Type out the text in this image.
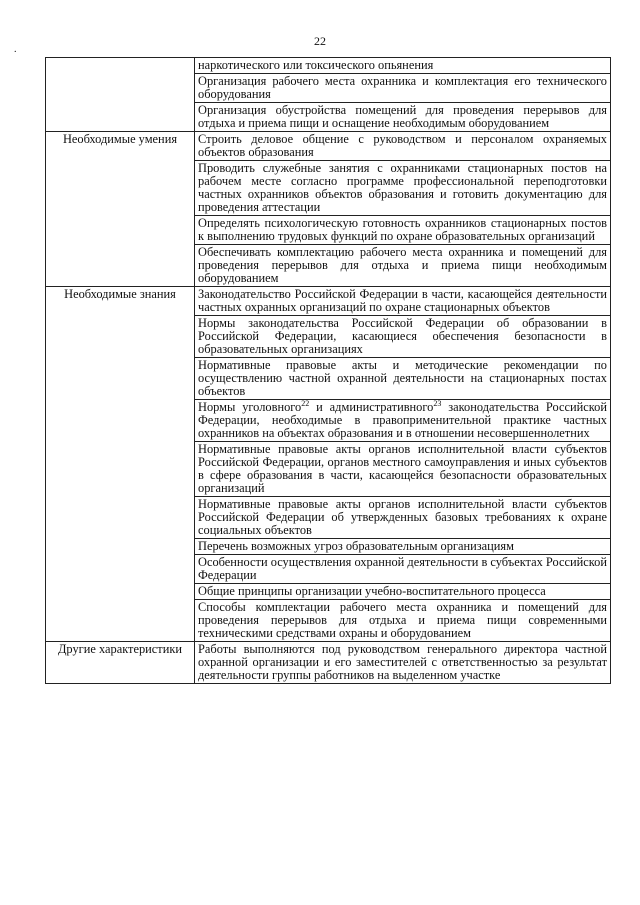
22
.
	наркотического или токсического опьянения
	Организация рабочего места охранника и комплектация его технического оборудования
	Организация обустройства помещений для проведения перерывов для отдыха и приема пищи и оснащение необходимым оборудованием
Необходимые умения	Строить деловое общение с руководством и персоналом охраняемых объектов образования
	Проводить служебные занятия с охранниками стационарных постов на рабочем месте согласно программе профессиональной переподготовки частных охранников объектов образования и готовить документацию для проведения аттестации
	Определять психологическую готовность охранников стационарных постов к выполнению трудовых функций по охране образовательных организаций
	Обеспечивать комплектацию рабочего места охранника и помещений для проведения перерывов для отдыха и приема пищи необходимым оборудованием
Необходимые знания	Законодательство Российской Федерации в части, касающейся деятельности частных охранных организаций по охране стационарных объектов
	Нормы законодательства Российской Федерации об образовании в Российской Федерации, касающиеся обеспечения безопасности в образовательных организациях
	Нормативные правовые акты и методические рекомендации по осуществлению частной охранной деятельности на стационарных постах объектов
	Нормы уголовного$^{22}$ и административного$^{23}$ законодательства Российской Федерации, необходимые в правоприменительной практике частных охранников на объектах образования и в отношении несовершеннолетних
	Нормативные правовые акты органов исполнительной власти субъектов Российской Федерации, органов местного самоуправления и иных субъектов в сфере образования в части, касающейся безопасности образовательных организаций
	Нормативные правовые акты органов исполнительной власти субъектов Российской Федерации об утвержденных базовых требованиях к охране социальных объектов
	Перечень возможных угроз образовательным организациям
	Особенности осуществления охранной деятельности в субъектах Российской Федерации
	Общие принципы организации учебно-воспитательного процесса
	Способы комплектации рабочего места охранника и помещений для проведения перерывов для отдыха и приема пищи современными техническими средствами охраны и оборудованием
Другие характеристики	Работы выполняются под руководством генерального директора частной охранной организации и его заместителей с ответственностью за результат деятельности группы работников на выделенном участке
